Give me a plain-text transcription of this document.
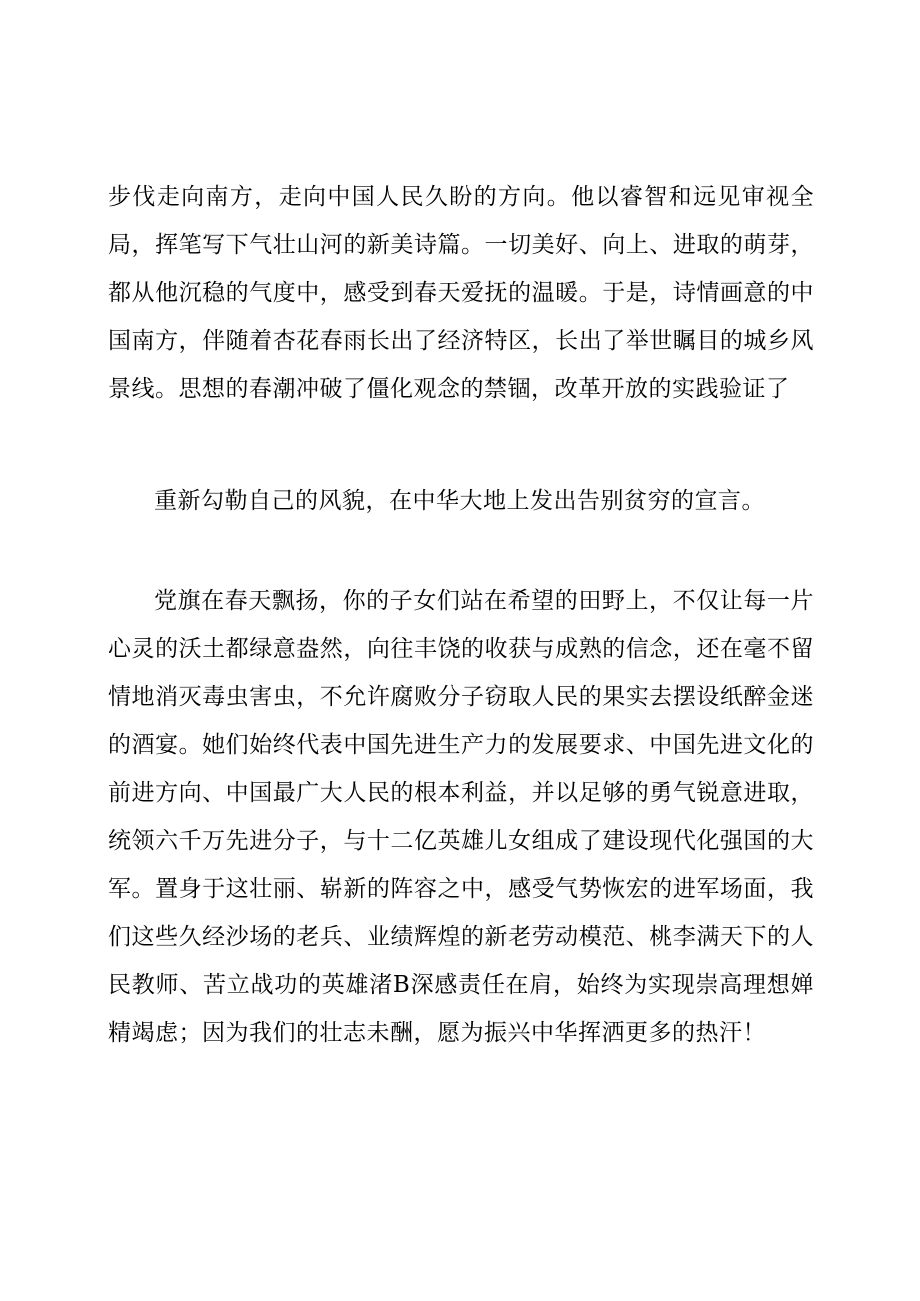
步伐走向南方，走向中国人民久盼的方向。他以睿智和远见审视全局，挥笔写下气壮山河的新美诗篇。一切美好、向上、进取的萌芽，都从他沉稳的气度中，感受到春天爱抚的温暖。于是，诗情画意的中国南方，伴随着杏花春雨长出了经济特区，长出了举世瞩目的城乡风景线。思想的春潮冲破了僵化观念的禁锢，改革开放的实践验证了

重新勾勒自己的风貌，在中华大地上发出告别贫穷的宣言。

党旗在春天飘扬，你的子女们站在希望的田野上，不仅让每一片心灵的沃土都绿意盎然，向往丰饶的收获与成熟的信念，还在毫不留情地消灭毒虫害虫，不允许腐败分子窃取人民的果实去摆设纸醉金迷的酒宴。她们始终代表中国先进生产力的发展要求、中国先进文化的前进方向、中国最广大人民的根本利益，并以足够的勇气锐意进取，统领六千万先进分子，与十二亿英雄儿女组成了建设现代化强国的大军。置身于这壮丽、崭新的阵容之中，感受气势恢宏的进军场面，我们这些久经沙场的老兵、业绩辉煌的新老劳动模范、桃李满天下的人民教师、苦立战功的英雄渚B深感责任在肩，始终为实现崇高理想婵精竭虑；因为我们的壮志未酬，愿为振兴中华挥洒更多的热汗！
